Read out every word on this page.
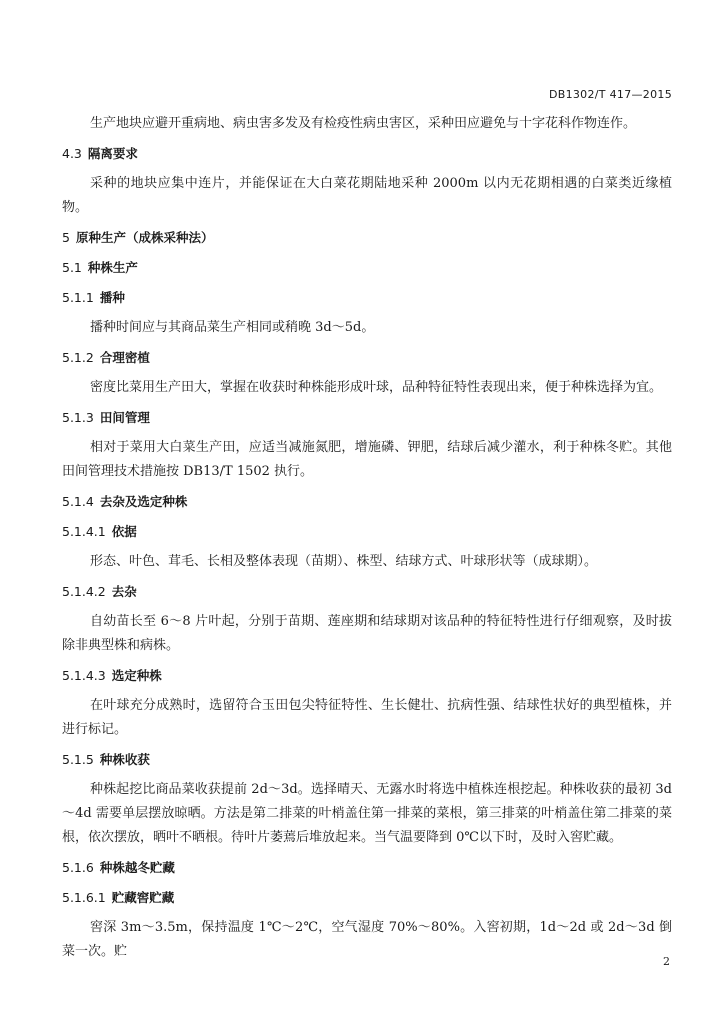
DB1302/T 417—2015

生产地块应避开重病地、病虫害多发及有检疫性病虫害区，采种田应避免与十字花科作物连作。

4.3 隔离要求

采种的地块应集中连片，并能保证在大白菜花期陆地采种 2000m 以内无花期相遇的白菜类近缘植物。

5 原种生产（成株采种法）
5.1 种株生产
5.1.1 播种

播种时间应与其商品菜生产相同或稍晚 3d～5d。

5.1.2 合理密植

密度比菜用生产田大，掌握在收获时种株能形成叶球，品种特征特性表现出来，便于种株选择为宜。

5.1.3 田间管理

相对于菜用大白菜生产田，应适当减施氮肥，增施磷、钾肥，结球后减少灌水，利于种株冬贮。其他田间管理技术措施按 DB13/T 1502 执行。

5.1.4 去杂及选定种株
5.1.4.1 依据

形态、叶色、茸毛、长相及整体表现（苗期）、株型、结球方式、叶球形状等（成球期）。

5.1.4.2 去杂

自幼苗长至 6～8 片叶起，分别于苗期、莲座期和结球期对该品种的特征特性进行仔细观察，及时拔除非典型株和病株。

5.1.4.3 选定种株

在叶球充分成熟时，选留符合玉田包尖特征特性、生长健壮、抗病性强、结球性状好的典型植株，并进行标记。

5.1.5 种株收获

种株起挖比商品菜收获提前 2d～3d。选择晴天、无露水时将选中植株连根挖起。种株收获的最初 3d～4d 需要单层摆放晾晒。方法是第二排菜的叶梢盖住第一排菜的菜根，第三排菜的叶梢盖住第二排菜的菜根，依次摆放，晒叶不晒根。待叶片萎蔫后堆放起来。当气温要降到 0℃以下时，及时入窖贮藏。

5.1.6 种株越冬贮藏
5.1.6.1 贮藏窖贮藏

窖深 3m～3.5m，保持温度 1℃～2℃，空气湿度 70%～80%。入窖初期，1d～2d 或 2d～3d 倒菜一次。贮

2
